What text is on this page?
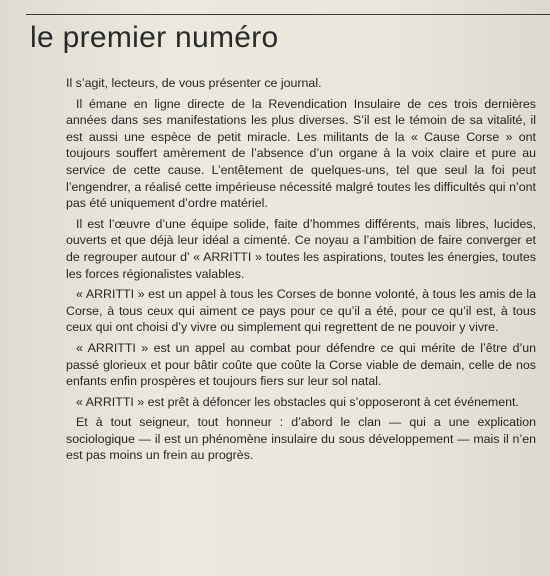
le premier numéro

Il s’agit, lecteurs, de vous présenter ce journal.

Il émane en ligne directe de la Revendication Insulaire de ces trois dernières années dans ses manifestations les plus diverses. S’il est le témoin de sa vitalité, il est aussi une espèce de petit miracle. Les militants de la « Cause Corse » ont toujours souffert amèrement de l’absence d’un organe à la voix claire et pure au service de cette cause. L’entêtement de quelques-uns, tel que seul la foi peut l’engendrer, a réalisé cette impérieuse nécessité malgré toutes les difficultés qui n’ont pas été uniquement d’ordre matériel.

Il est l’œuvre d’une équipe solide, faite d’hommes différents, mais libres, lucides, ouverts et que déjà leur idéal a cimenté. Ce noyau a l’ambition de faire converger et de regrouper autour d’ « ARRITTI » toutes les aspirations, toutes les énergies, toutes les forces régionalistes valables.

« ARRITTI » est un appel à tous les Corses de bonne volonté, à tous les amis de la Corse, à tous ceux qui aiment ce pays pour ce qu’il a été, pour ce qu’il est, à tous ceux qui ont choisi d’y vivre ou simplement qui regrettent de ne pouvoir y vivre.

« ARRITTI » est un appel au combat pour défendre ce qui mérite de l’être d’un passé glorieux et pour bâtir coûte que coûte la Corse viable de demain, celle de nos enfants enfin prospères et toujours fiers sur leur sol natal.

« ARRITTI » est prêt à défoncer les obstacles qui s’opposeront à cet événement.

Et à tout seigneur, tout honneur : d’abord le clan — qui a une explication sociologique — il est un phénomène insulaire du sous développement — mais il n’en est pas moins un frein au progrès.
